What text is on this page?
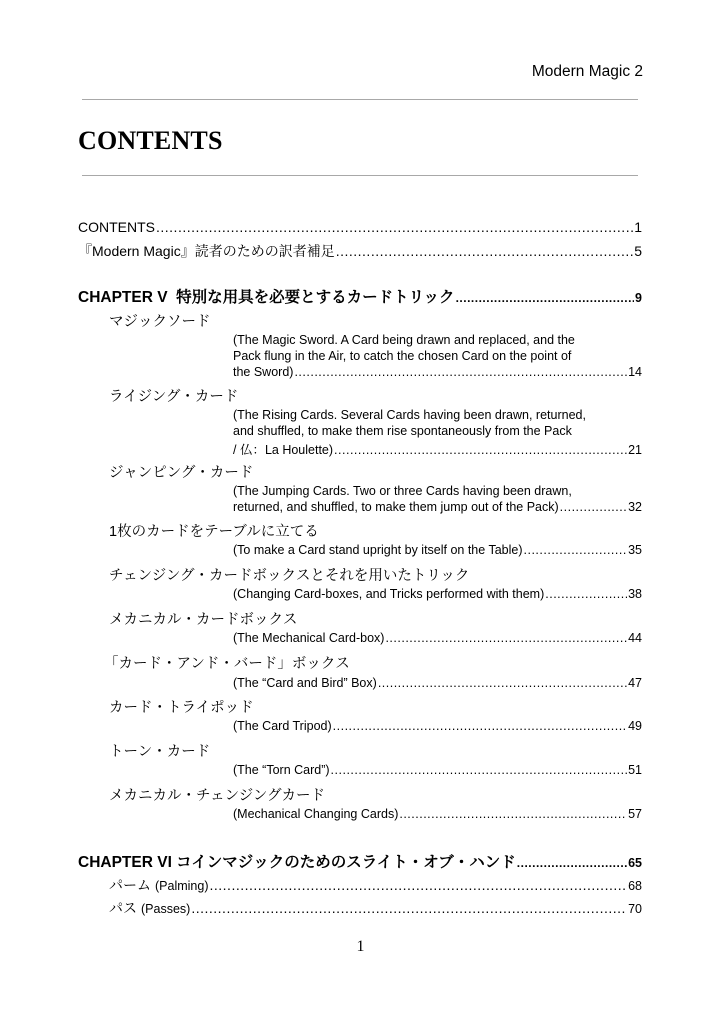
Modern Magic 2
CONTENTS
CONTENTS .....	1
『Modern Magic』読者のための訳者補足 .....	5
CHAPTER V  特別な用具を必要とするカードトリック .....	9
マジックソード
(The Magic Sword. A Card being drawn and replaced, and the
Pack flung in the Air, to catch the chosen Card on the point of
the Sword) .....	14
ライジング・カード
(The Rising Cards. Several Cards having been drawn, returned,
and shuffled, to make them rise spontaneously from the Pack
/ 仏：La Houlette) .....	21
ジャンピング・カード
(The Jumping Cards. Two or three Cards having been drawn,
returned, and shuffled, to make them jump out of the Pack) .....	32
1枚のカードをテーブルに立てる
(To make a Card stand upright by itself on the Table) .....	35
チェンジング・カードボックスとそれを用いたトリック
(Changing Card-boxes, and Tricks performed with them) .....	38
メカニカル・カードボックス
(The Mechanical Card-box) .....	44
「カード・アンド・バード」ボックス
(The “Card and Bird” Box) .....	47
カード・トライポッド
(The Card Tripod) .....	49
トーン・カード
(The “Torn Card”) .....	51
メカニカル・チェンジングカード
(Mechanical Changing Cards) .....	57
CHAPTER VI コインマジックのためのスライト・オブ・ハンド .....	65
パーム (Palming) .....	68
パス (Passes) .....	70
1
